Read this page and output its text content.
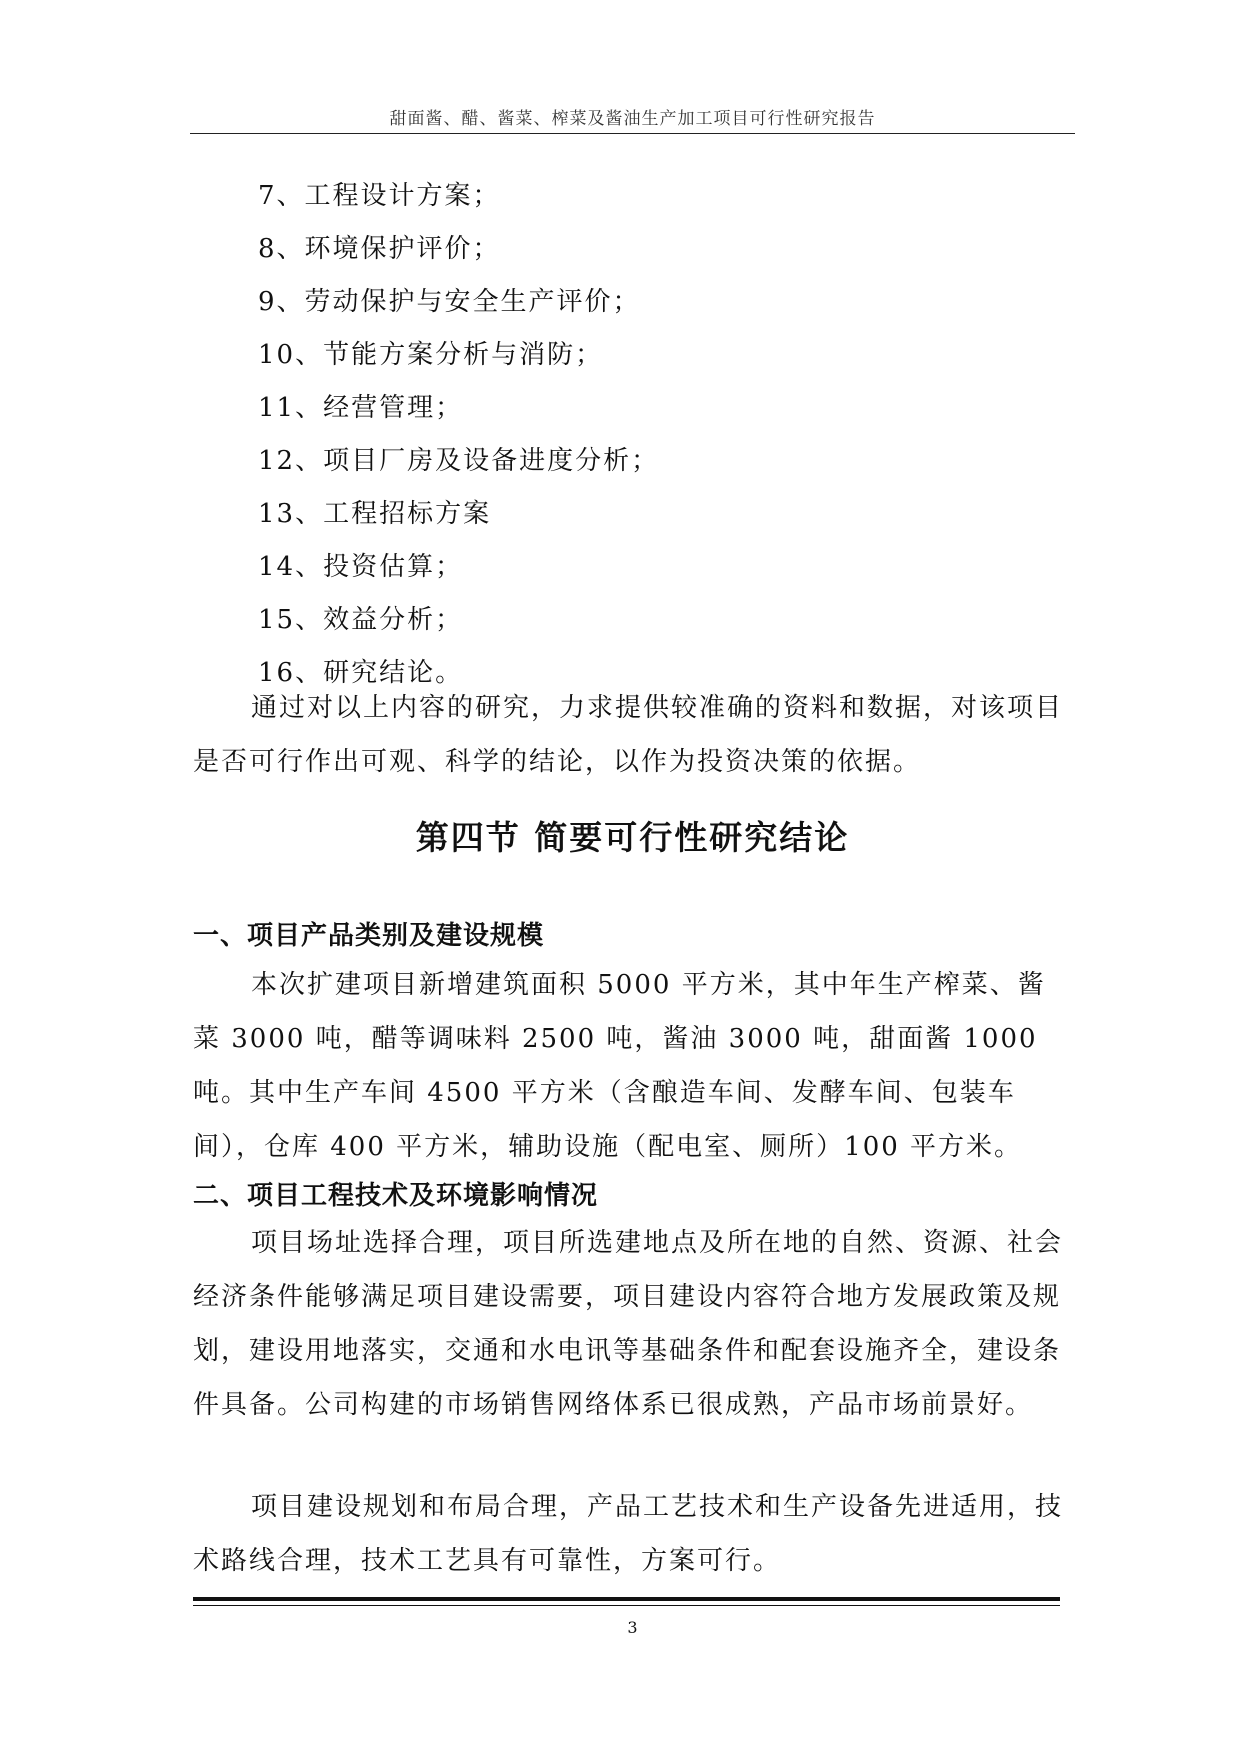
甜面酱、醋、酱菜、榨菜及酱油生产加工项目可行性研究报告
7、工程设计方案；
8、环境保护评价；
9、劳动保护与安全生产评价；
10、节能方案分析与消防；
11、经营管理；
12、项目厂房及设备进度分析；
13、工程招标方案
14、投资估算；
15、效益分析；
16、研究结论。

通过对以上内容的研究，力求提供较准确的资料和数据，对该项目是否可行作出可观、科学的结论，以作为投资决策的依据。

第四节 简要可行性研究结论
一、项目产品类别及建设规模

本次扩建项目新增建筑面积 5000 平方米，其中年生产榨菜、酱菜 3000 吨，醋等调味料 2500 吨，酱油 3000 吨，甜面酱 1000 吨。其中生产车间 4500 平方米（含酿造车间、发酵车间、包装车间），仓库 400 平方米，辅助设施（配电室、厕所）100 平方米。

二、项目工程技术及环境影响情况

项目场址选择合理，项目所选建地点及所在地的自然、资源、社会经济条件能够满足项目建设需要，项目建设内容符合地方发展政策及规划，建设用地落实，交通和水电讯等基础条件和配套设施齐全，建设条件具备。公司构建的市场销售网络体系已很成熟，产品市场前景好。

项目建设规划和布局合理，产品工艺技术和生产设备先进适用，技术路线合理，技术工艺具有可靠性，方案可行。

3
